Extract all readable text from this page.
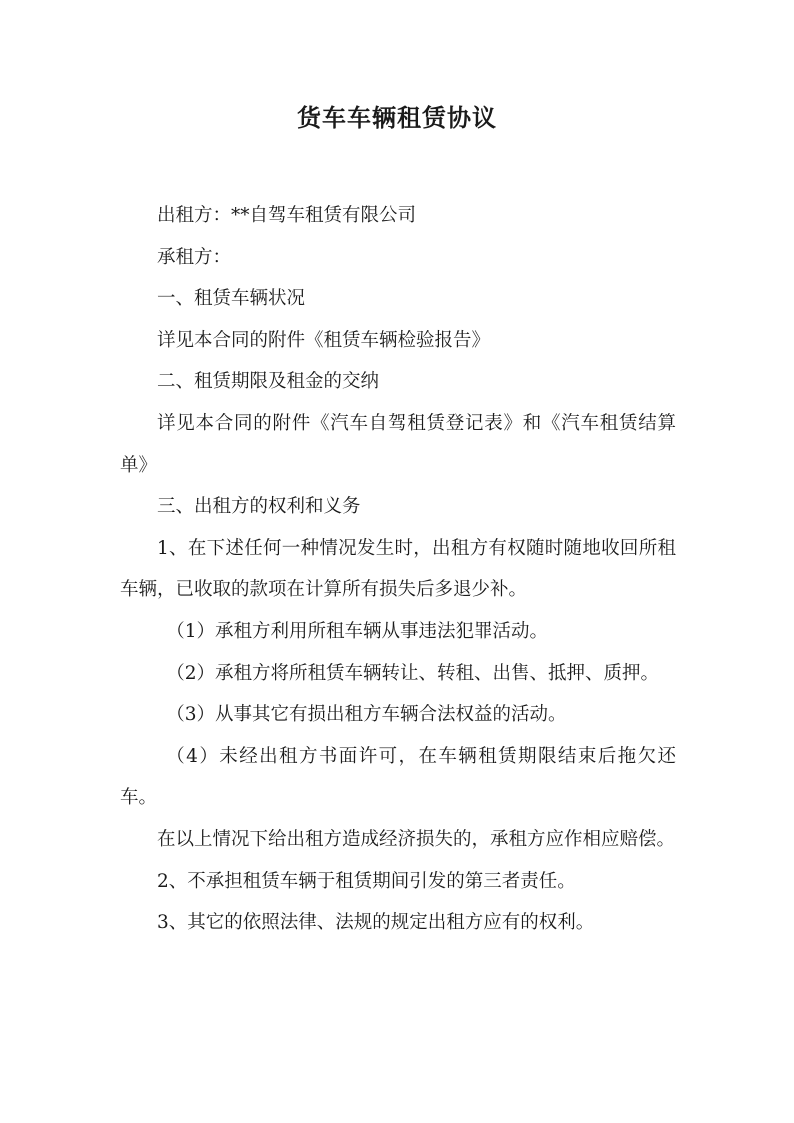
货车车辆租赁协议

出租方：**自驾车租赁有限公司

承租方：

一、租赁车辆状况

详见本合同的附件《租赁车辆检验报告》

二、租赁期限及租金的交纳

详见本合同的附件《汽车自驾租赁登记表》和《汽车租赁结算单》

三、出租方的权利和义务

1、在下述任何一种情况发生时，出租方有权随时随地收回所租车辆，已收取的款项在计算所有损失后多退少补。

（1）承租方利用所租车辆从事违法犯罪活动。

（2）承租方将所租赁车辆转让、转租、出售、抵押、质押。

（3）从事其它有损出租方车辆合法权益的活动。

（4）未经出租方书面许可，在车辆租赁期限结束后拖欠还车。

在以上情况下给出租方造成经济损失的，承租方应作相应赔偿。

2、不承担租赁车辆于租赁期间引发的第三者责任。

3、其它的依照法律、法规的规定出租方应有的权利。
